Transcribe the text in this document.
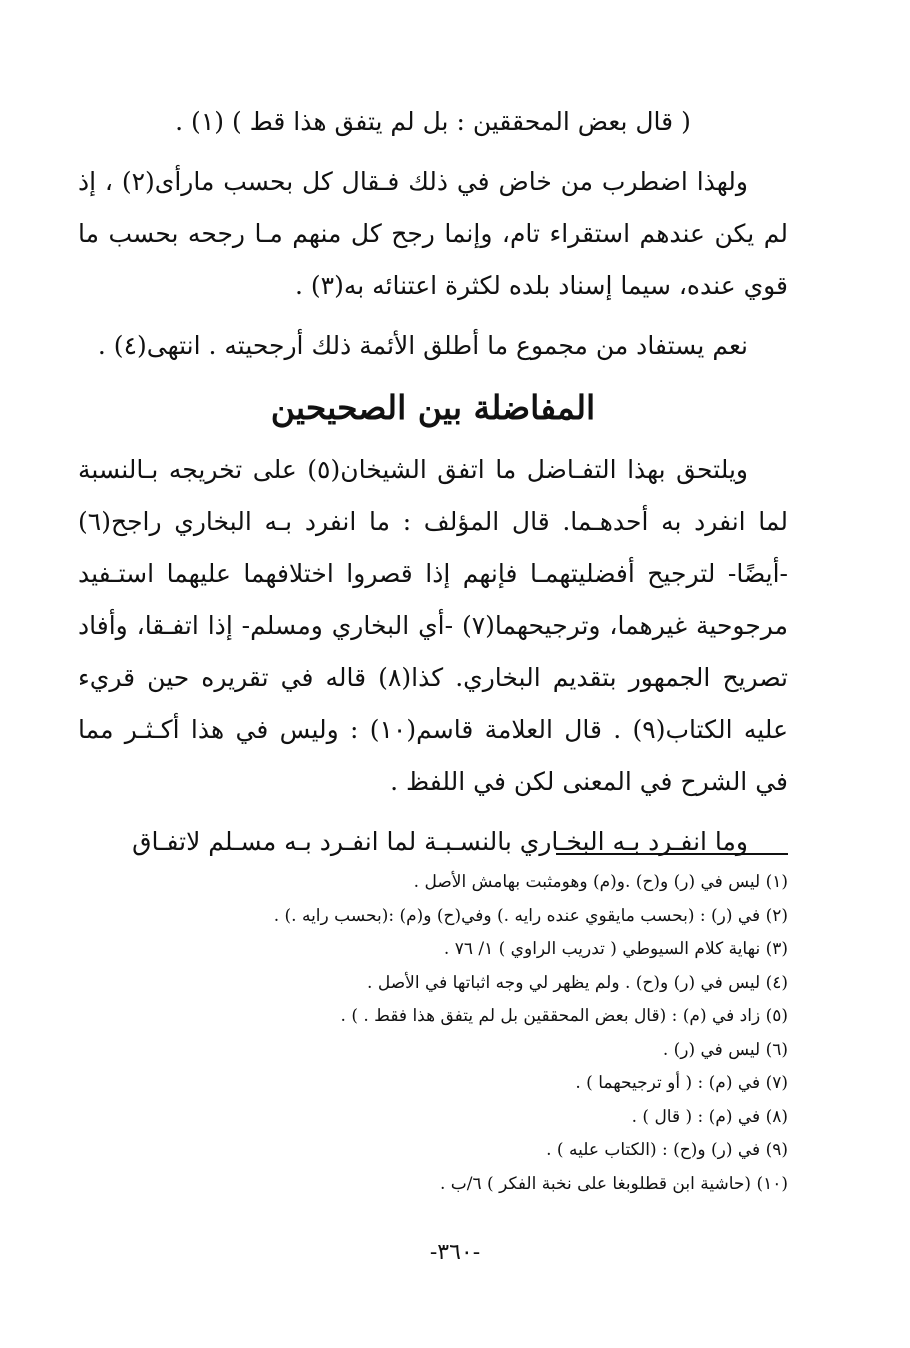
( قال بعض المحققين : بل لم يتفق هذا قط ) (١) .

ولهذا اضطرب من خاض في ذلك فـقال كل بحسب مارأى(٢) ، إذ لم يكن عندهم استقراء تام، وإنما رجح كل منهم مـا رجحه بحسب ما قوي عنده، سيما إسناد بلده لكثرة اعتنائه به(٣) .

نعم يستفاد من مجموع ما أطلق الأئمة ذلك أرجحيته . انتهى(٤) .

المفاضلة بين الصحيحين

ويلتحق بهذا التفـاضل ما اتفق الشيخان(٥) على تخريجه بـالنسبة لما انفرد به أحدهـما. قال المؤلف : ما انفرد بـه البخاري راجح(٦) -أيضًا- لترجيح أفضليتهمـا فإنهم إذا قصروا اختلافهما عليهما استـفيد مرجوحية غيرهما، وترجيحهما(٧) -أي البخاري ومسلم- إذا اتفـقا، وأفاد تصريح الجمهور بتقديم البخاري. كذا(٨) قاله في تقريره حين قريء عليه الكتاب(٩) . قال العلامة قاسم(١٠) : وليس في هذا أكـثـر مما في الشرح في المعنى لكن في اللفظ .

وما انفـرد بـه البخـاري بالنسـبـة لما انفـرد بـه مسـلم لاتفـاق

(١) ليس في (ر) و(ح) .و(م) وهومثبت بهامش الأصل .
(٢) في (ر) : (بحسب مايقوي عنده رايه .) وفي(ح) و(م) :(بحسب رايه .) .
(٣) نهاية كلام السيوطي ( تدريب الراوي ) ١/ ٧٦ .
(٤) ليس في (ر) و(ح) . ولم يظهر لي وجه اثباتها في الأصل .
(٥) زاد في (م) : (قال بعض المحققين بل لم يتفق هذا فقط . ) .
(٦) ليس في (ر) .
(٧) في (م) : ( أو ترجيحهما ) .
(٨) في (م) : ( قال ) .
(٩) في (ر) و(ح) : (الكتاب عليه ) .
(١٠) (حاشية ابن قطلوبغا على نخبة الفكر ) ٦/ب .
-٣٦٠-
